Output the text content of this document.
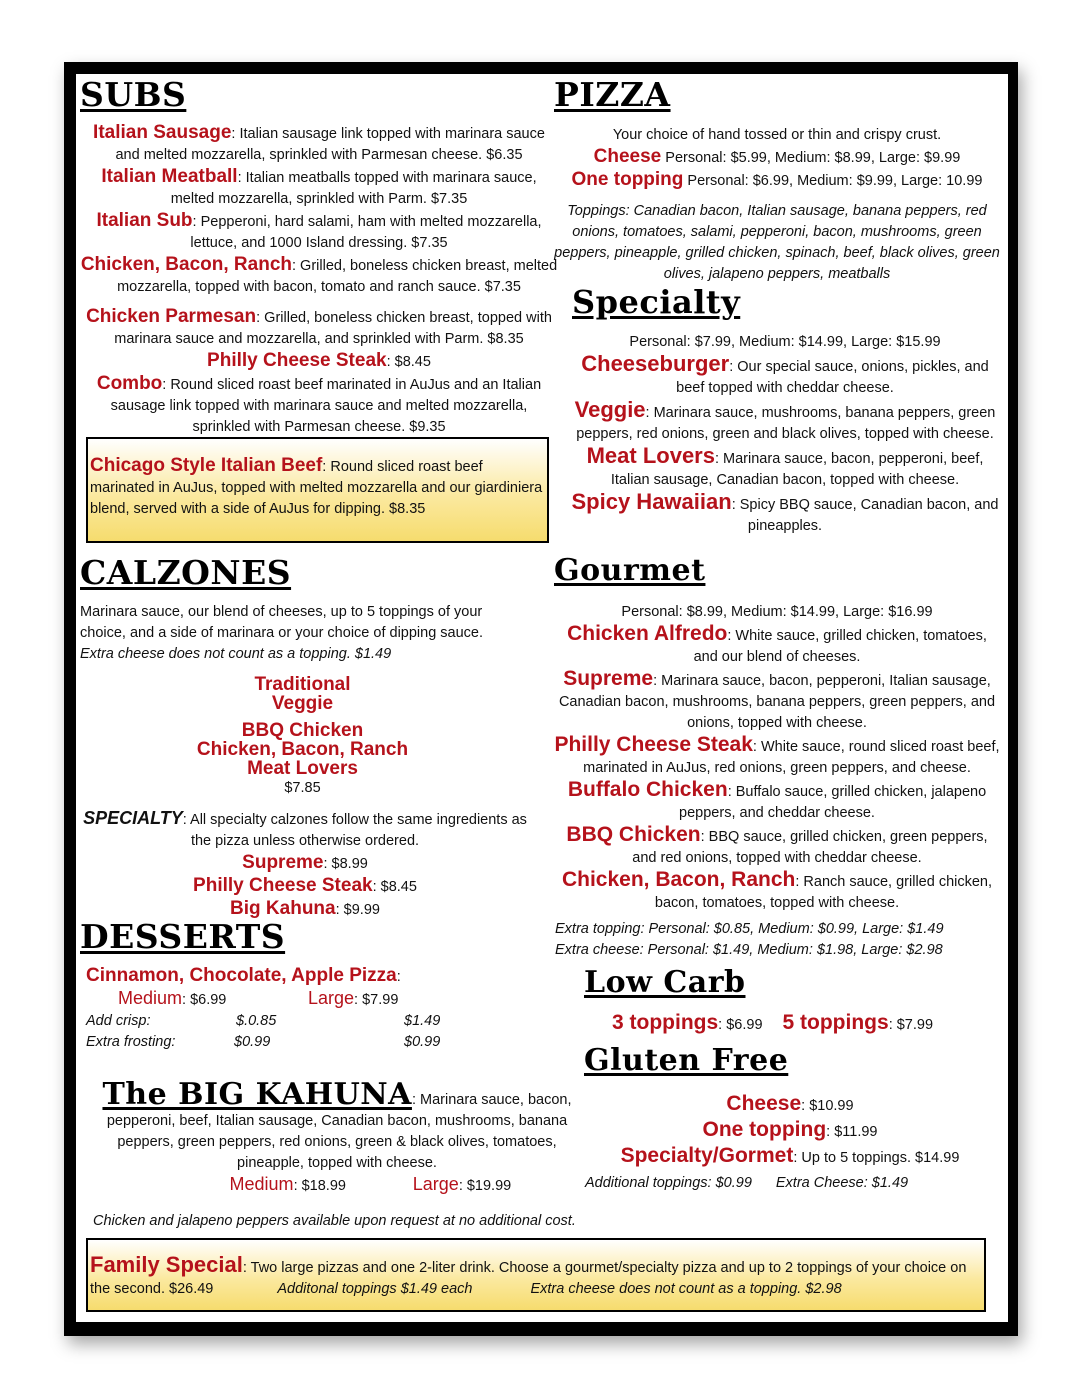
SUBS
Italian Sausage: Italian sausage link topped with marinara sauce and melted mozzarella, sprinkled with Parmesan cheese. $6.35
Italian Meatball: Italian meatballs topped with marinara sauce, melted mozzarella, sprinkled with Parm. $7.35
Italian Sub: Pepperoni, hard salami, ham with melted mozzarella, lettuce, and 1000 Island dressing. $7.35
Chicken, Bacon, Ranch: Grilled, boneless chicken breast, melted mozzarella, topped with bacon, tomato and ranch sauce. $7.35
Chicken Parmesan: Grilled, boneless chicken breast, topped with marinara sauce and mozzarella, and sprinkled with Parm. $8.35
Philly Cheese Steak: $8.45
Combo: Round sliced roast beef marinated in AuJus and an Italian sausage link topped with marinara sauce and melted mozzarella, sprinkled with Parmesan cheese. $9.35
Chicago Style Italian Beef: Round sliced roast beef marinated in AuJus, topped with melted mozzarella and our giardiniera blend, served with a side of AuJus for dipping. $8.35
PIZZA
Your choice of hand tossed or thin and crispy crust.
Cheese Personal: $5.99, Medium: $8.99, Large: $9.99
One topping Personal: $6.99, Medium: $9.99, Large: 10.99
Toppings: Canadian bacon, Italian sausage, banana peppers, red onions, tomatoes, salami, pepperoni, bacon, mushrooms, green peppers, pineapple, grilled chicken, spinach, beef, black olives, green olives, jalapeno peppers, meatballs
Specialty
Personal: $7.99, Medium: $14.99, Large: $15.99
Cheeseburger: Our special sauce, onions, pickles, and beef topped with cheddar cheese.
Veggie: Marinara sauce, mushrooms, banana peppers, green peppers, red onions, green and black olives, topped with cheese.
Meat Lovers: Marinara sauce, bacon, pepperoni, beef, Italian sausage, Canadian bacon, topped with cheese.
Spicy Hawaiian: Spicy BBQ sauce, Canadian bacon, and pineapples.
CALZONES
Marinara sauce, our blend of cheeses, up to 5 toppings of your choice, and a side of marinara or your choice of dipping sauce.
Extra cheese does not count as a topping. $1.49
Traditional
Veggie
BBQ Chicken
Chicken, Bacon, Ranch
Meat Lovers
$7.85
SPECIALTY: All specialty calzones follow the same ingredients as the pizza unless otherwise ordered.
Supreme: $8.99
Philly Cheese Steak: $8.45
Big Kahuna: $9.99
Gourmet
Personal: $8.99, Medium: $14.99, Large: $16.99
Chicken Alfredo: White sauce, grilled chicken, tomatoes, and our blend of cheeses.
Supreme: Marinara sauce, bacon, pepperoni, Italian sausage, Canadian bacon, mushrooms, banana peppers, green peppers, and onions, topped with cheese.
Philly Cheese Steak: White sauce, round sliced roast beef, marinated in AuJus, red onions, green peppers, and cheese.
Buffalo Chicken: Buffalo sauce, grilled chicken, jalapeno peppers, and cheddar cheese.
BBQ Chicken: BBQ sauce, grilled chicken, green peppers, and red onions, topped with cheddar cheese.
Chicken, Bacon, Ranch: Ranch sauce, grilled chicken, bacon, tomatoes, topped with cheese.
Extra topping: Personal: $0.85, Medium: $0.99, Large: $1.49
Extra cheese: Personal: $1.49, Medium: $1.98, Large: $2.98
DESSERTS
Cinnamon, Chocolate, Apple Pizza:
Medium: $6.99	Large: $7.99
Add crisp:	$.0.85	$1.49
Extra frosting:	$0.99	$0.99
The BIG KAHUNA: Marinara sauce, bacon, pepperoni, beef, Italian sausage, Canadian bacon, mushrooms, banana peppers, green peppers, red onions, green & black olives, tomatoes, pineapple, topped with cheese.
Medium: $18.99	Large: $19.99
Chicken and jalapeno peppers available upon request at no additional cost.
Low Carb
3 toppings: $6.99 5 toppings: $7.99
Gluten Free
Cheese: $10.99
One topping: $11.99
Specialty/Gormet: Up to 5 toppings. $14.99
Additional toppings: $0.99 Extra Cheese: $1.49
Family Special: Two large pizzas and one 2-liter drink. Choose a gourmet/specialty pizza and up to 2 toppings of your choice on the second. $26.49	Additonal toppings $1.49 each	Extra cheese does not count as a topping. $2.98
